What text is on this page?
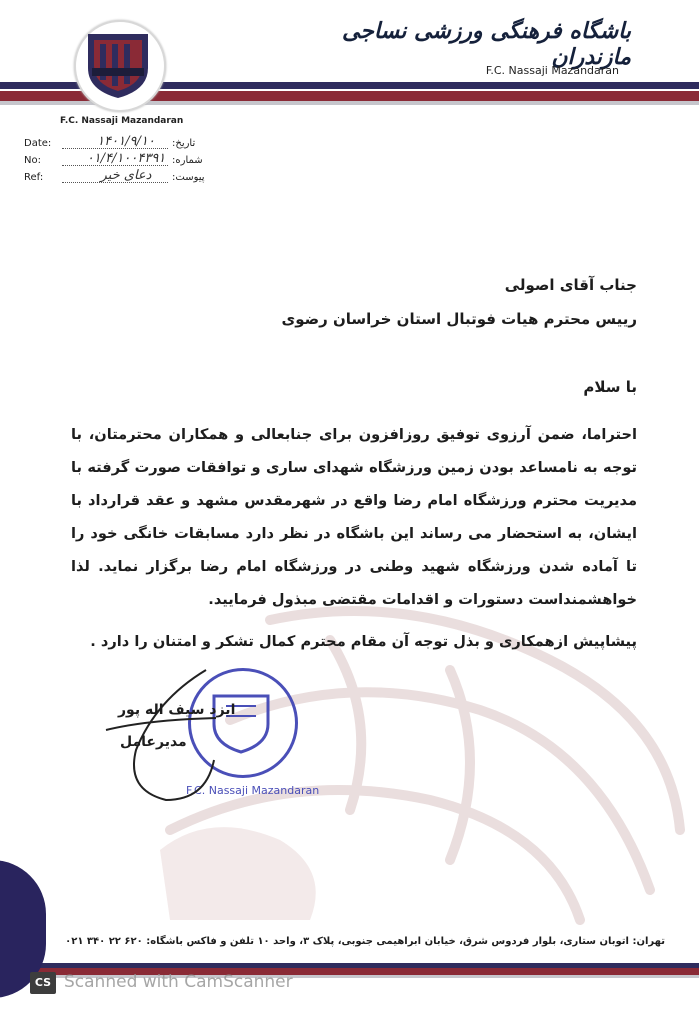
F.C. Nassaji Mazandaran
باشگاه فرهنگی ورزشی نساجی مازندران
F.C. Nassaji Mazandaran
Date:	۱۴۰۱/۹/۱۰	تاریخ:
No:	۰۱/۴/۱۰۰۴۳۹۱ شماره:
Ref:	دعای خیر	پیوست:
جناب آقای اصولی
رییس محترم هیات فوتبال استان خراسان رضوی
با سلام
احتراما، ضمن آرزوی توفیق روزافزون برای جنابعالی و همکاران محترمتان، با توجه به نامساعد بودن زمین ورزشگاه شهدای ساری و توافقات صورت گرفته با مدیریت محترم ورزشگاه امام رضا واقع در شهرمقدس مشهد و عقد قرارداد با ایشان، به استحضار می رساند این باشگاه در نظر دارد مسابقات خانگی خود را تا آماده شدن ورزشگاه شهید وطنی در ورزشگاه امام رضا برگزار نماید. لذا خواهشمنداست دستورات و اقدامات مقتضی مبذول فرمایید.
پیشاپیش ازهمکاری و بذل توجه آن مقام محترم کمال تشکر و امتنان را دارد .
F.C. Nassaji Mazandaran
ایزد سیف اله پور
مدیرعامل
تهران: اتوبان ستاری، بلوار فردوس شرق، خیابان ابراهیمی جنوبی، پلاک ۳، واحد ۱۰ تلفن و فاکس باشگاه: ۶۲۰ ۲۲ ۳۴۰ ۰۲۱
CS Scanned with CamScanner
